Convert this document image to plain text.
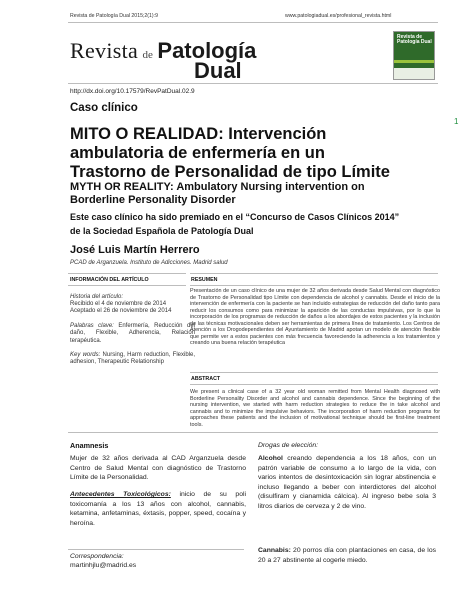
Revista de Patología Dual 2015;2(1):9	www.patologiadual.es/profesional_revista.html
Revista de Patología
Dual
Revista de Patología Dual
http://dx.doi.org/10.17579/RevPatDual.02.9
1
Caso clínico
MITO O REALIDAD: Intervención ambulatoria de enfermería en un Trastorno de Personalidad de tipo Límite
MYTH OR REALITY: Ambulatory Nursing intervention on Borderline Personality Disorder
Este caso clínico ha sido premiado en el “Concurso de Casos Clínicos 2014” de la Sociedad Española de Patología Dual
José Luis Martín Herrero
PCAD de Arganzuela. Instituto de Adicciones. Madrid salud
INFORMACIÓN DEL ARTÍCULO	RESUMEN
Historia del artículo:
Recibido el 4 de noviembre de 2014
Aceptado el 26 de noviembre de 2014
Palabras clave: Enfermería, Reducción del daño, Flexible, Adherencia, Relación terapéutica.
Key words: Nursing, Harm reduction, Flexible, adhesion, Therapeutic Relationship
Presentación de un caso clínico de una mujer de 32 años derivada desde Salud Mental con diagnóstico de Trastorno de Personalidad tipo Límite con dependencia de alcohol y cannabis. Desde el inicio de la intervención de enfermería con la paciente se han incluido estrategias de reducción del daño tanto para reducir los consumos como para minimizar la aparición de las conductas impulsivas, por lo que la incorporación de los programas de reducción de daños a los abordajes de estos pacientes y la inclusión de las técnicas motivacionales deben ser herramientas de primera línea de tratamiento. Los Centros de Atención a los Drogodependientes del Ayuntamiento de Madrid apotan un modelo de atención flexible que permite ver a estos pacientes con más frecuencia favoreciendo la adherencia a los tratamientos y creando una buena relación terapéutica
ABSTRACT
We present a clinical case of a 32 year old woman remitted from Mental Health diagnosed with Borderline Personality Disorder and alcohol and cannabis dependence. Since the beginning of the nursing intervention, we started with harm reduction strategies to reduce the in take alcohol and cannabis and to minimize the impulsive behaviors. The incorporation of harm reduction programs for approaches these patients and the inclusion of motivational technique should be first-line treatment tools.
Anamnesis
Mujer de 32 años derivada al CAD Arganzuela desde Centro de Salud Mental con diagnóstico de Trastorno Límite de la Personalidad.
Antecedentes Toxicológicos: inicio de su poli toxicomanía a los 13 años con alcohol, cannabis, ketamina, anfetaminas, éxtasis, popper, speed, cocaína y heroína.
Correspondencia:
martinhjlu@madrid.es
Drogas de elección:
Alcohol creando dependencia a los 18 años, con un patrón variable de consumo a lo largo de la vida, con varios intentos de desintoxicación sin lograr abstinencia e incluso llegando a beber con interdictores del alcohol (disulfiram y cianamida cálcica). Al ingreso bebe sola 3 litros diarios de cerveza y 2 de vino.
Cannabis: 20 porros día con plantaciones en casa, de los 20 a 27 abstinente al cogerle miedo.
